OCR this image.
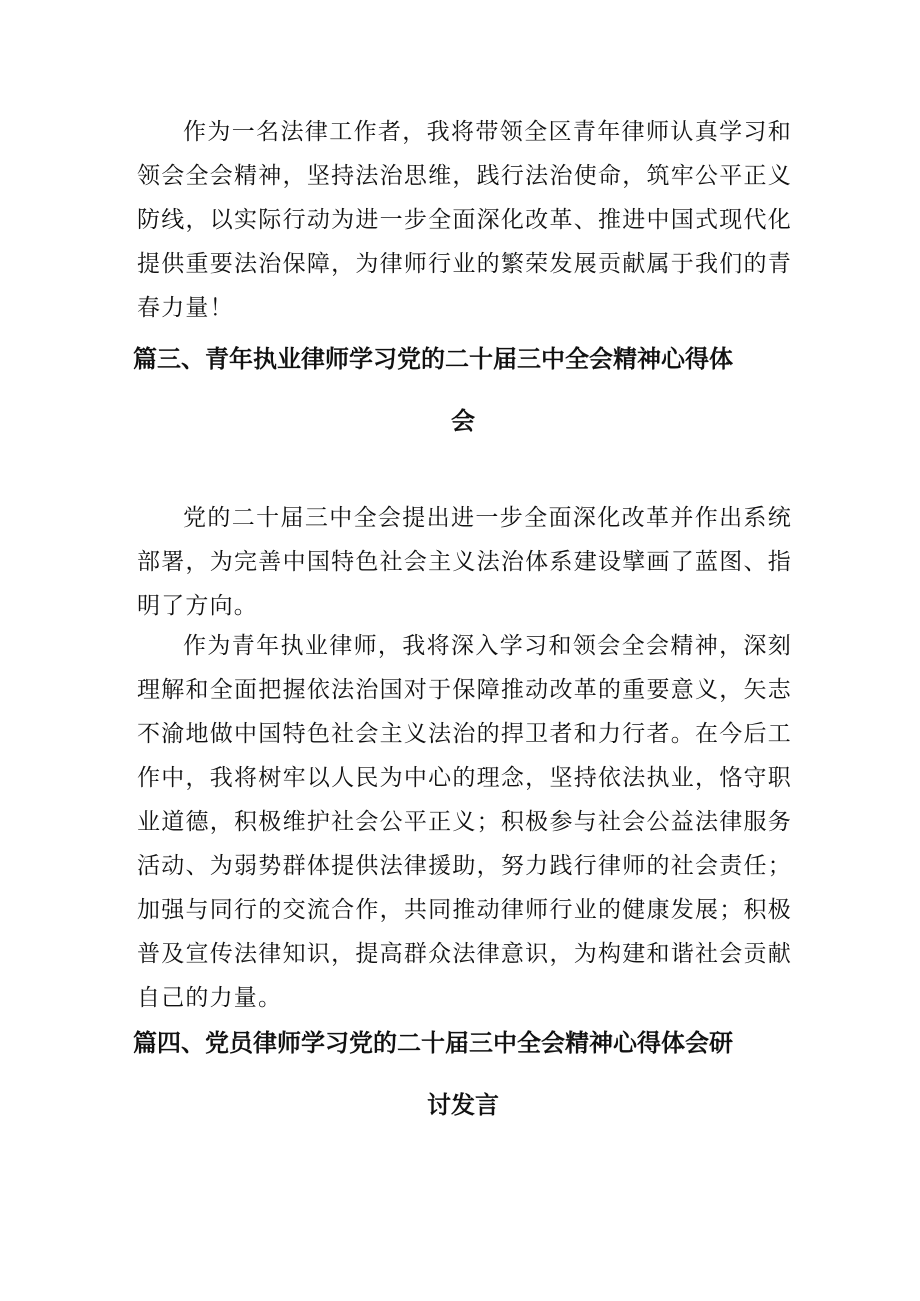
作为一名法律工作者，我将带领全区青年律师认真学习和领会全会精神，坚持法治思维，践行法治使命，筑牢公平正义防线，以实际行动为进一步全面深化改革、推进中国式现代化提供重要法治保障，为律师行业的繁荣发展贡献属于我们的青春力量！

篇三、青年执业律师学习党的二十届三中全会精神心得体
会

党的二十届三中全会提出进一步全面深化改革并作出系统部署，为完善中国特色社会主义法治体系建设擘画了蓝图、指明了方向。

作为青年执业律师，我将深入学习和领会全会精神，深刻理解和全面把握依法治国对于保障推动改革的重要意义，矢志不渝地做中国特色社会主义法治的捍卫者和力行者。在今后工作中，我将树牢以人民为中心的理念，坚持依法执业，恪守职业道德，积极维护社会公平正义；积极参与社会公益法律服务活动、为弱势群体提供法律援助，努力践行律师的社会责任；加强与同行的交流合作，共同推动律师行业的健康发展；积极普及宣传法律知识，提高群众法律意识，为构建和谐社会贡献自己的力量。

篇四、党员律师学习党的二十届三中全会精神心得体会研
讨发言
